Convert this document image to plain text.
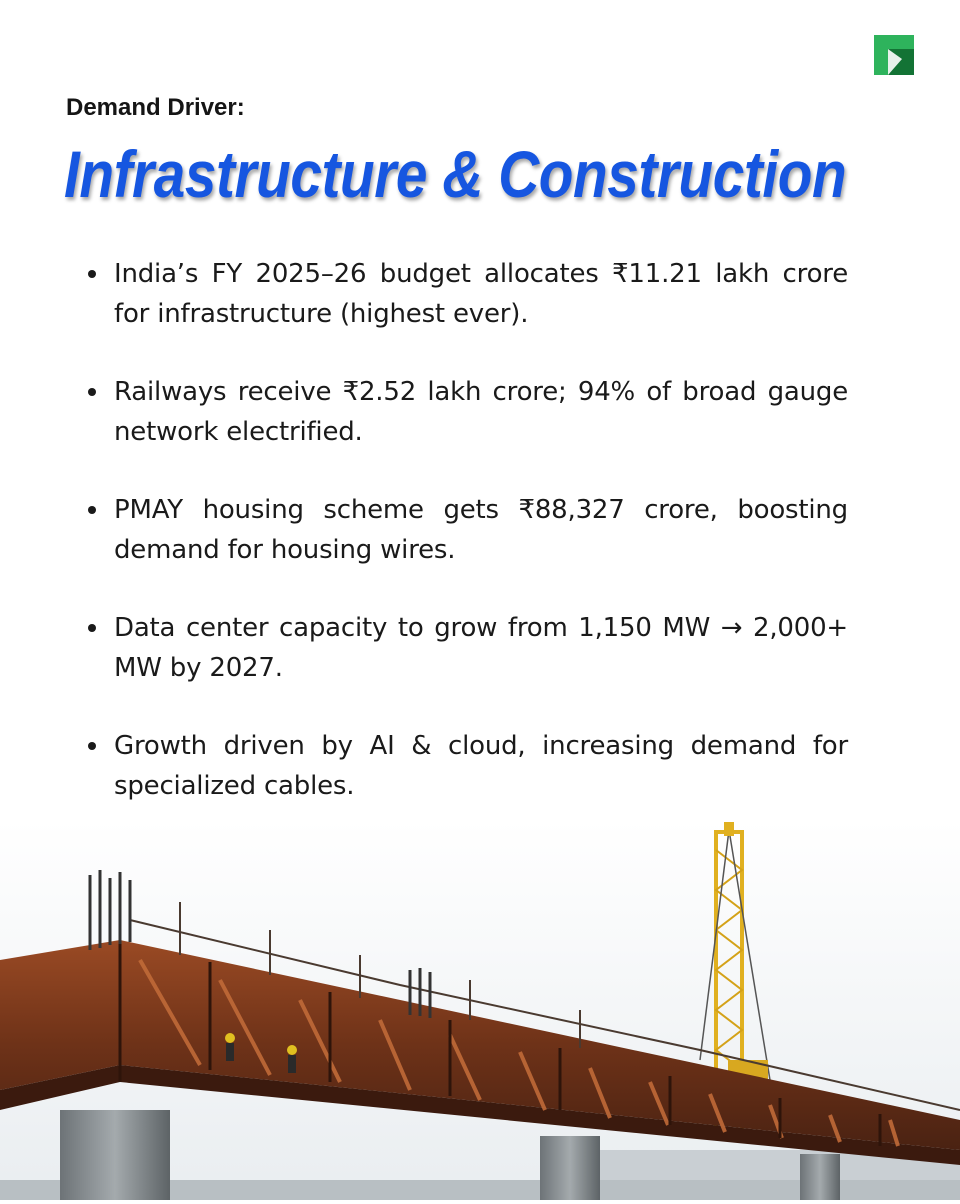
Demand Driver:
Infrastructure & Construction
India’s FY 2025–26 budget allocates ₹11.21 lakh crore for infrastructure (highest ever).
Railways receive ₹2.52 lakh crore; 94% of broad gauge network electrified.
PMAY housing scheme gets ₹88,327 crore, boosting demand for housing wires.
Data center capacity to grow from 1,150 MW → 2,000+ MW by 2027.
Growth driven by AI & cloud, increasing demand for specialized cables.
